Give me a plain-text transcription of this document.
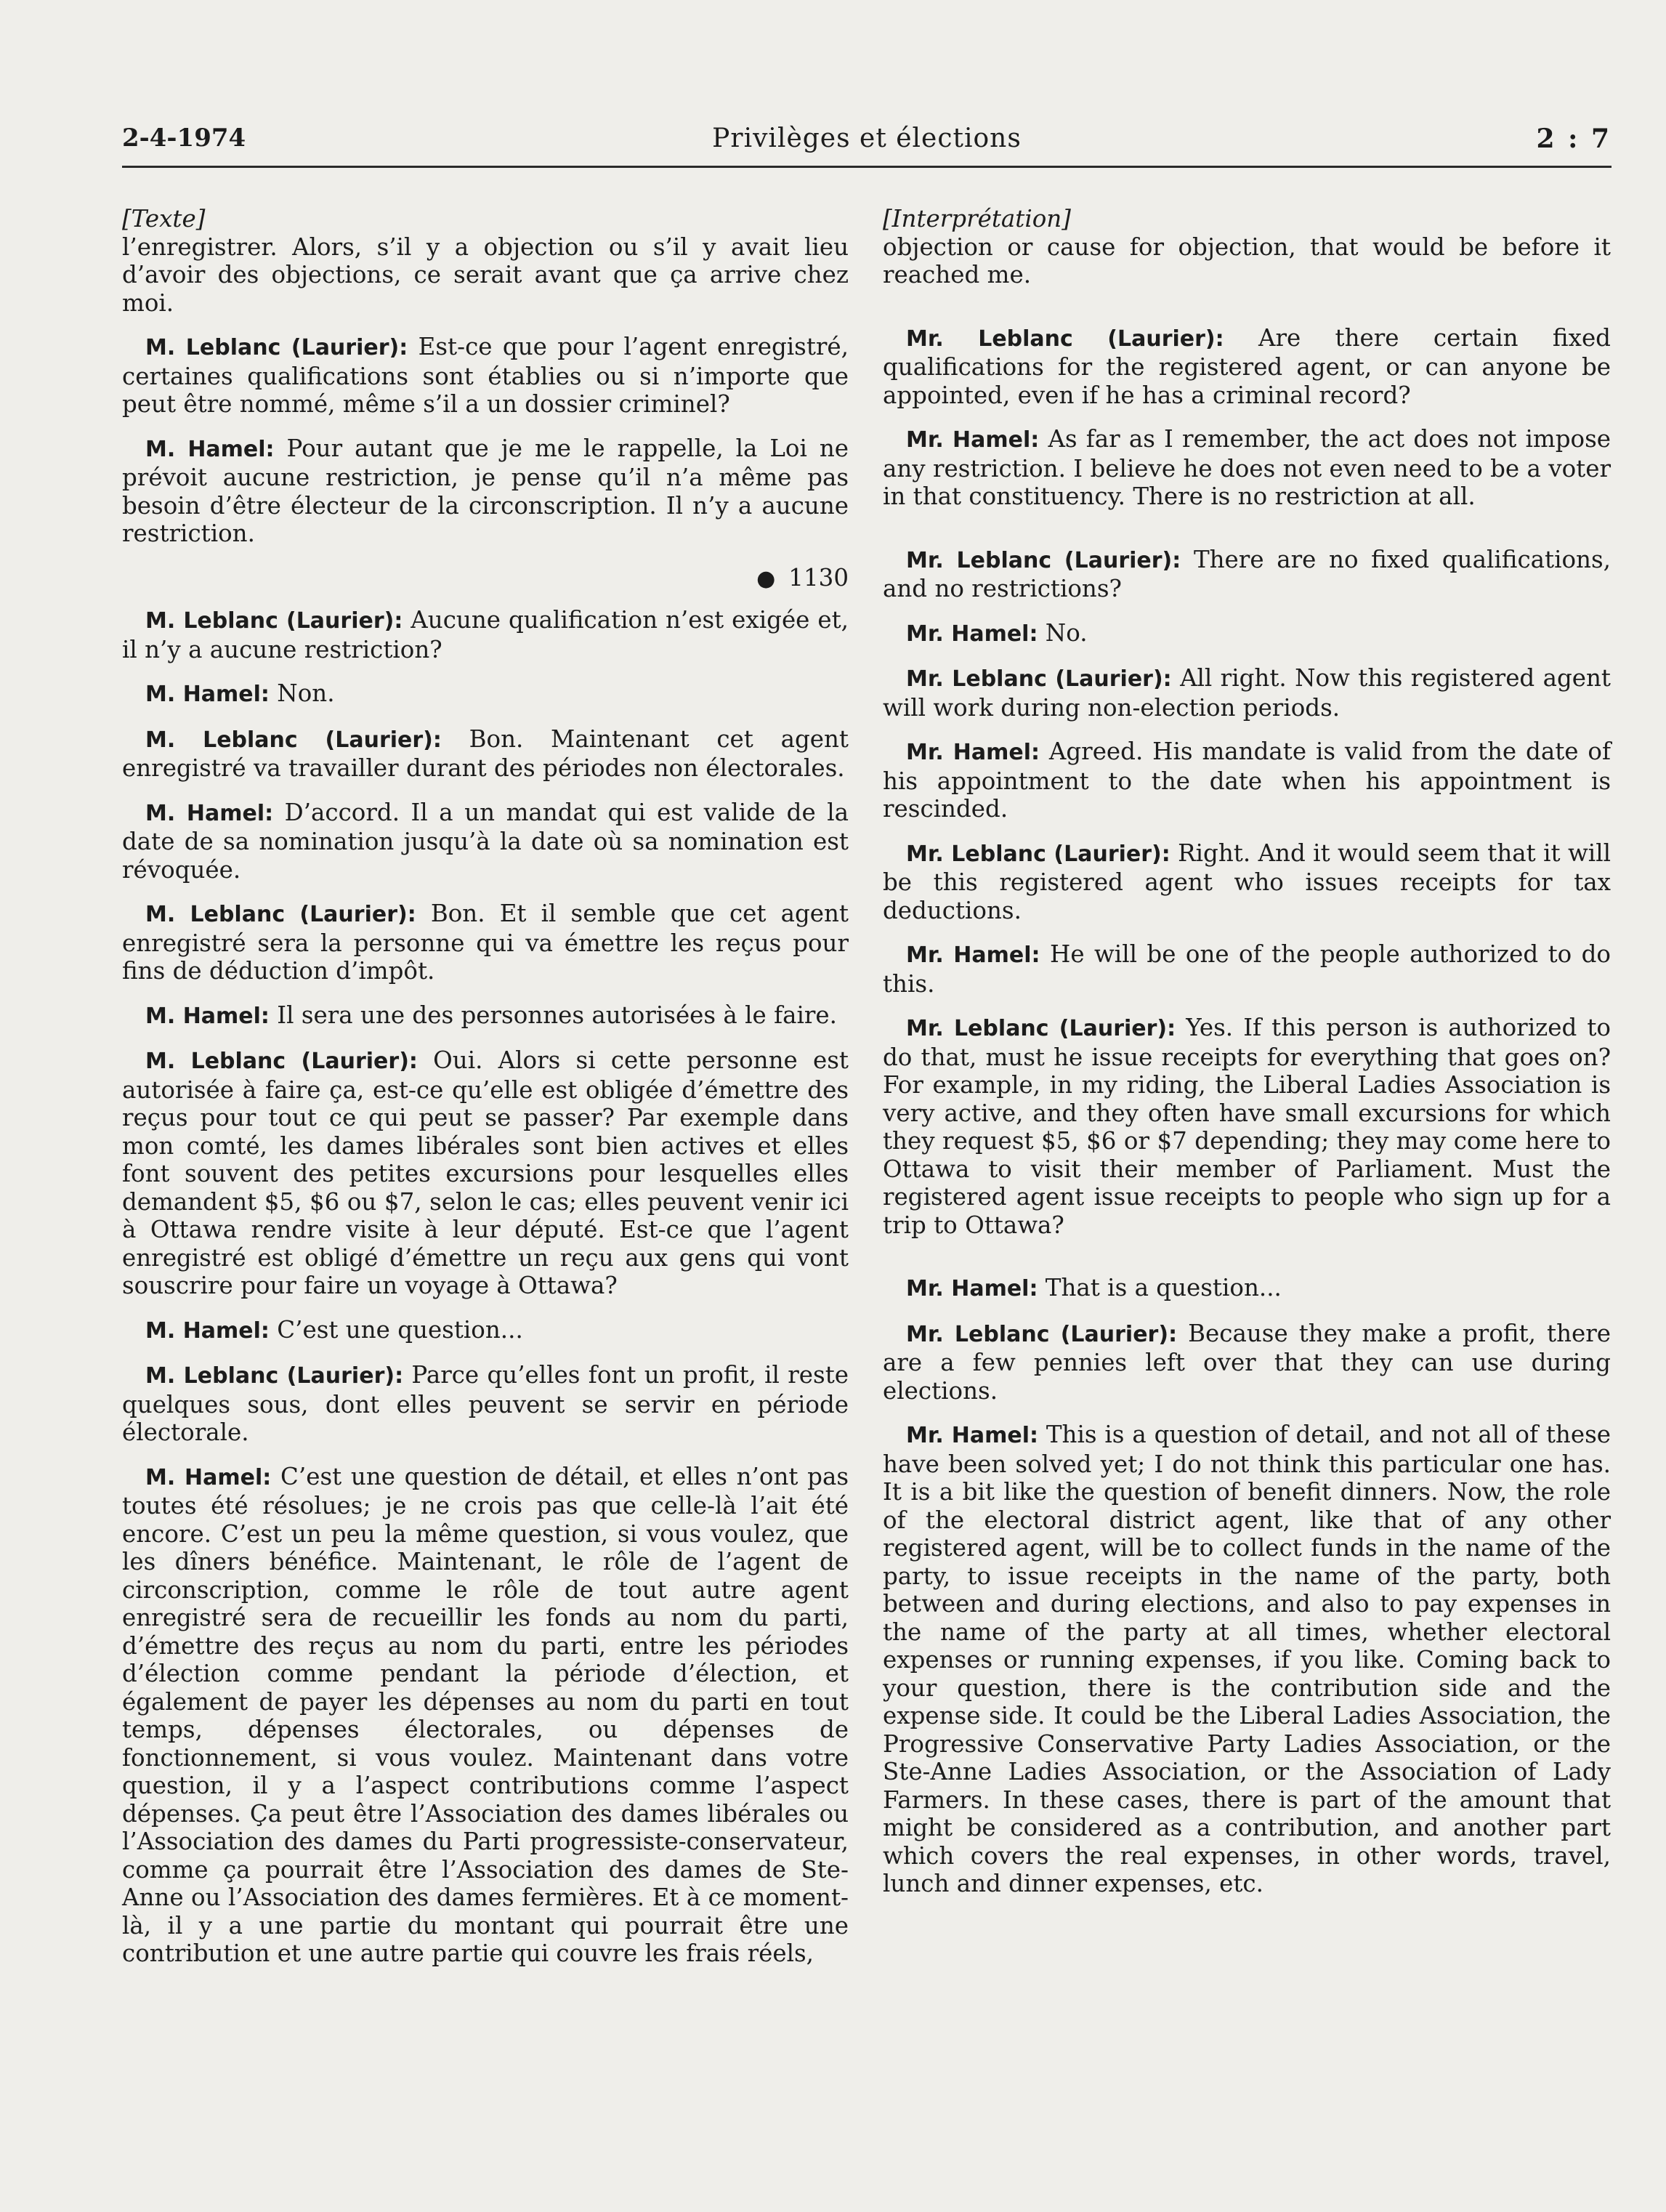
2-4-1974	Privilèges et élections	2 : 7
[Texte]

l’enregistrer. Alors, s’il y a objection ou s’il y avait lieu d’avoir des objections, ce serait avant que ça arrive chez moi.

M. Leblanc (Laurier): Est-ce que pour l’agent enregistré, certaines qualifications sont établies ou si n’importe que peut être nommé, même s’il a un dossier criminel?

M. Hamel: Pour autant que je me le rappelle, la Loi ne prévoit aucune restriction, je pense qu’il n’a même pas besoin d’être électeur de la circonscription. Il n’y a aucune restriction.

● 1130

M. Leblanc (Laurier): Aucune qualification n’est exigée et, il n’y a aucune restriction?

M. Hamel: Non.

M. Leblanc (Laurier): Bon. Maintenant cet agent enregistré va travailler durant des périodes non électorales.

M. Hamel: D’accord. Il a un mandat qui est valide de la date de sa nomination jusqu’à la date où sa nomination est révoquée.

M. Leblanc (Laurier): Bon. Et il semble que cet agent enregistré sera la personne qui va émettre les reçus pour fins de déduction d’impôt.

M. Hamel: Il sera une des personnes autorisées à le faire.

M. Leblanc (Laurier): Oui. Alors si cette personne est autorisée à faire ça, est-ce qu’elle est obligée d’émettre des reçus pour tout ce qui peut se passer? Par exemple dans mon comté, les dames libérales sont bien actives et elles font souvent des petites excursions pour lesquelles elles demandent $5, $6 ou $7, selon le cas; elles peuvent venir ici à Ottawa rendre visite à leur député. Est-ce que l’agent enregistré est obligé d’émettre un reçu aux gens qui vont souscrire pour faire un voyage à Ottawa?

M. Hamel: C’est une question...

M. Leblanc (Laurier): Parce qu’elles font un profit, il reste quelques sous, dont elles peuvent se servir en période électorale.

M. Hamel: C’est une question de détail, et elles n’ont pas toutes été résolues; je ne crois pas que celle-là l’ait été encore. C’est un peu la même question, si vous voulez, que les dîners bénéfice. Maintenant, le rôle de l’agent de circonscription, comme le rôle de tout autre agent enregistré sera de recueillir les fonds au nom du parti, d’émettre des reçus au nom du parti, entre les périodes d’élection comme pendant la période d’élection, et également de payer les dépenses au nom du parti en tout temps, dépenses électorales, ou dépenses de fonctionnement, si vous voulez. Maintenant dans votre question, il y a l’aspect contributions comme l’aspect dépenses. Ça peut être l’Association des dames libérales ou l’Association des dames du Parti progressiste-conservateur, comme ça pourrait être l’Association des dames de Ste-Anne ou l’Association des dames fermières. Et à ce moment-là, il y a une partie du montant qui pourrait être une contribution et une autre partie qui couvre les frais réels,

[Interprétation]

objection or cause for objection, that would be before it reached me.

Mr. Leblanc (Laurier): Are there certain fixed qualifications for the registered agent, or can anyone be appointed, even if he has a criminal record?

Mr. Hamel: As far as I remember, the act does not impose any restriction. I believe he does not even need to be a voter in that constituency. There is no restriction at all.

Mr. Leblanc (Laurier): There are no fixed qualifications, and no restrictions?

Mr. Hamel: No.

Mr. Leblanc (Laurier): All right. Now this registered agent will work during non-election periods.

Mr. Hamel: Agreed. His mandate is valid from the date of his appointment to the date when his appointment is rescinded.

Mr. Leblanc (Laurier): Right. And it would seem that it will be this registered agent who issues receipts for tax deductions.

Mr. Hamel: He will be one of the people authorized to do this.

Mr. Leblanc (Laurier): Yes. If this person is authorized to do that, must he issue receipts for everything that goes on? For example, in my riding, the Liberal Ladies Association is very active, and they often have small excursions for which they request $5, $6 or $7 depending; they may come here to Ottawa to visit their member of Parliament. Must the registered agent issue receipts to people who sign up for a trip to Ottawa?

Mr. Hamel: That is a question...

Mr. Leblanc (Laurier): Because they make a profit, there are a few pennies left over that they can use during elections.

Mr. Hamel: This is a question of detail, and not all of these have been solved yet; I do not think this particular one has. It is a bit like the question of benefit dinners. Now, the role of the electoral district agent, like that of any other registered agent, will be to collect funds in the name of the party, to issue receipts in the name of the party, both between and during elections, and also to pay expenses in the name of the party at all times, whether electoral expenses or running expenses, if you like. Coming back to your question, there is the contribution side and the expense side. It could be the Liberal Ladies Association, the Progressive Conservative Party Ladies Association, or the Ste-Anne Ladies Association, or the Association of Lady Farmers. In these cases, there is part of the amount that might be considered as a contribution, and another part which covers the real expenses, in other words, travel, lunch and dinner expenses, etc.
